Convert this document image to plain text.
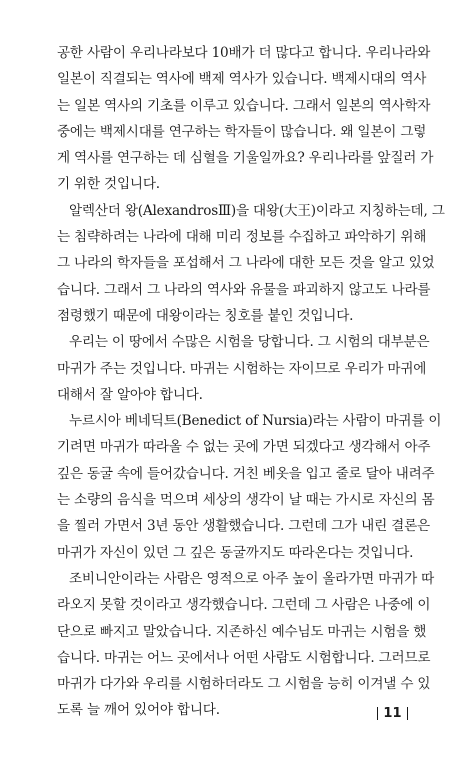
공한 사람이 우리나라보다 10배가 더 많다고 합니다. 우리나라와
일본이 직결되는 역사에 백제 역사가 있습니다. 백제시대의 역사
는 일본 역사의 기초를 이루고 있습니다. 그래서 일본의 역사학자
중에는 백제시대를 연구하는 학자들이 많습니다. 왜 일본이 그렇
게 역사를 연구하는 데 심혈을 기울일까요? 우리나라를 앞질러 가
기 위한 것입니다.
알렉산더 왕(AlexandrosⅢ)을 대왕(大王)이라고 지칭하는데, 그
는 침략하려는 나라에 대해 미리 정보를 수집하고 파악하기 위해
그 나라의 학자들을 포섭해서 그 나라에 대한 모든 것을 알고 있었
습니다. 그래서 그 나라의 역사와 유물을 파괴하지 않고도 나라를
점령했기 때문에 대왕이라는 칭호를 붙인 것입니다.
우리는 이 땅에서 수많은 시험을 당합니다. 그 시험의 대부분은
마귀가 주는 것입니다. 마귀는 시험하는 자이므로 우리가 마귀에
대해서 잘 알아야 합니다.
누르시아 베네딕트(Benedict of Nursia)라는 사람이 마귀를 이
기려면 마귀가 따라올 수 없는 곳에 가면 되겠다고 생각해서 아주
깊은 동굴 속에 들어갔습니다. 거친 베옷을 입고 줄로 달아 내려주
는 소량의 음식을 먹으며 세상의 생각이 날 때는 가시로 자신의 몸
을 찔러 가면서 3년 동안 생활했습니다. 그런데 그가 내린 결론은
마귀가 자신이 있던 그 깊은 동굴까지도 따라온다는 것입니다.
조비니안이라는 사람은 영적으로 아주 높이 올라가면 마귀가 따
라오지 못할 것이라고 생각했습니다. 그런데 그 사람은 나중에 이
단으로 빠지고 말았습니다. 지존하신 예수님도 마귀는 시험을 했
습니다. 마귀는 어느 곳에서나 어떤 사람도 시험합니다. 그러므로
마귀가 다가와 우리를 시험하더라도 그 시험을 능히 이겨낼 수 있
도록 늘 깨어 있어야 합니다.	11
